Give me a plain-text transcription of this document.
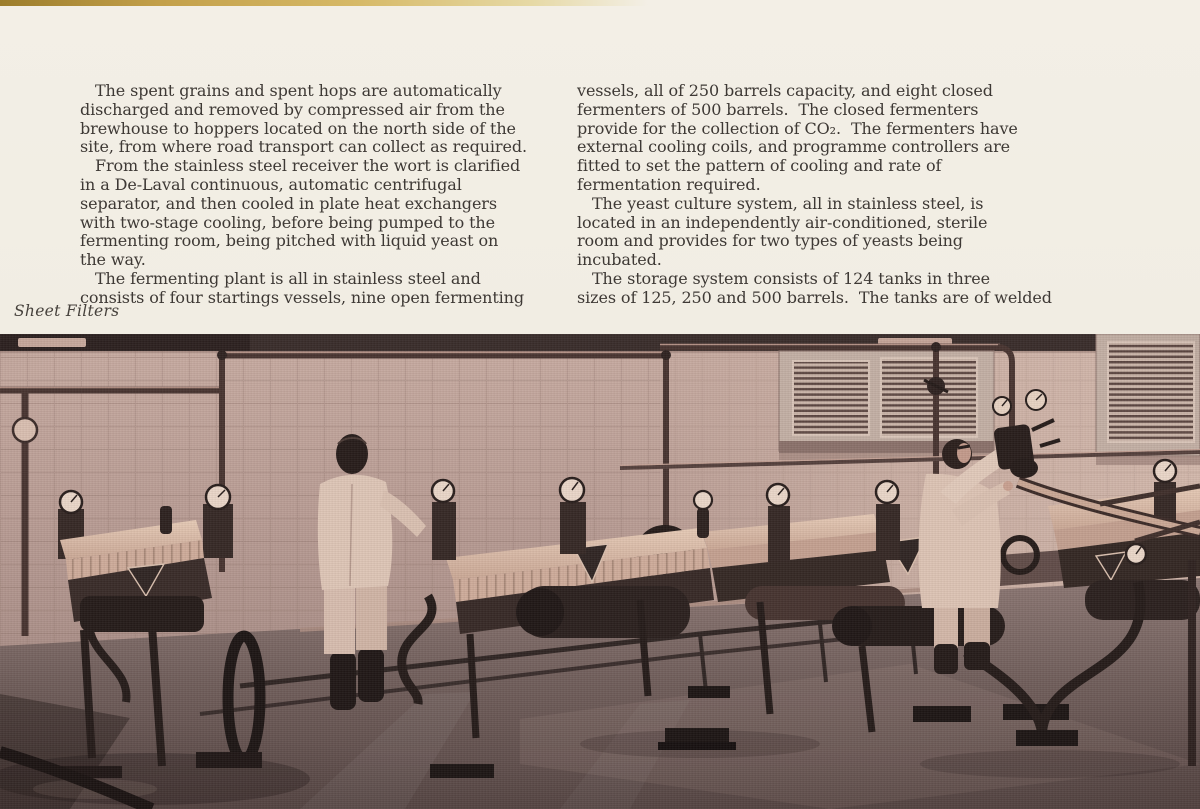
The spent grains and spent hops are automatically
discharged and removed by compressed air from the
brewhouse to hoppers located on the north side of the
site, from where road transport can collect as required.
From the stainless steel receiver the wort is clarified
in a De-Laval continuous, automatic centrifugal
separator, and then cooled in plate heat exchangers
with two-stage cooling, before being pumped to the
fermenting room, being pitched with liquid yeast on
the way.
The fermenting plant is all in stainless steel and
consists of four startings vessels, nine open fermenting
vessels, all of 250 barrels capacity, and eight closed
fermenters of 500 barrels.  The closed fermenters
provide for the collection of CO₂.  The fermenters have
external cooling coils, and programme controllers are
fitted to set the pattern of cooling and rate of
fermentation required.
The yeast culture system, all in stainless steel, is
located in an independently air-conditioned, sterile
room and provides for two types of yeasts being
incubated.
The storage system consists of 124 tanks in three
sizes of 125, 250 and 500 barrels.  The tanks are of welded
Sheet Filters
